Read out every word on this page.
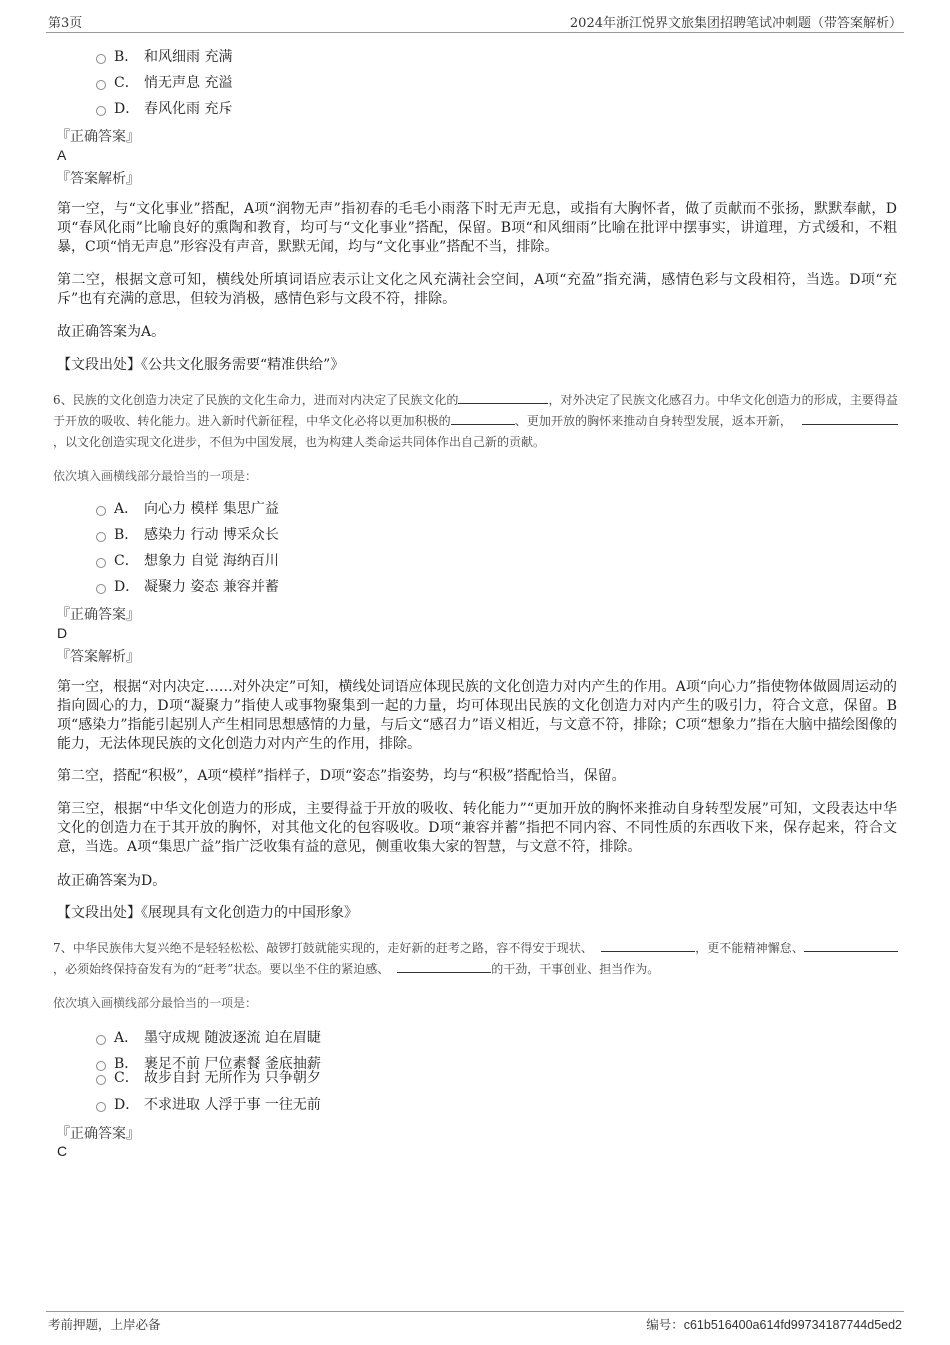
第3页	2024年浙江悦界文旅集团招聘笔试冲刺题（带答案解析）
B． 和风细雨 充满
C． 悄无声息 充溢
D． 春风化雨 充斥
『正确答案』
A
『答案解析』
第一空，与“文化事业”搭配，A项“润物无声”指初春的毛毛小雨落下时无声无息，或指有大胸怀者，做了贡献而不张扬，默默奉献，D项“春风化雨”比喻良好的熏陶和教育，均可与“文化事业”搭配，保留。B项“和风细雨”比喻在批评中摆事实，讲道理，方式缓和，不粗暴，C项“悄无声息”形容没有声音，默默无闻，均与“文化事业”搭配不当，排除。
第二空，根据文意可知，横线处所填词语应表示让文化之风充满社会空间，A项“充盈”指充满，感情色彩与文段相符，当选。D项“充斥”也有充满的意思，但较为消极，感情色彩与文段不符，排除。
故正确答案为A。
【文段出处】《公共文化服务需要“精准供给”》
6、民族的文化创造力决定了民族的文化生命力，进而对内决定了民族文化的	，对外决定了民族文化感召力。中华文化创造力的形成，主要得益于开放的吸收、转化能力。进入新时代新征程，中华文化必将以更加积极的	、更加开放的胸怀来推动自身转型发展，返本开新，，以文化创造实现文化进步，不但为中国发展，也为构建人类命运共同体作出自己新的贡献。
依次填入画横线部分最恰当的一项是：
A． 向心力 模样 集思广益
B． 感染力 行动 博采众长
C． 想象力 自觉 海纳百川
D． 凝聚力 姿态 兼容并蓄
『正确答案』
D
『答案解析』
第一空，根据“对内决定……对外决定”可知，横线处词语应体现民族的文化创造力对内产生的作用。A项“向心力”指使物体做圆周运动的指向圆心的力，D项“凝聚力”指使人或事物聚集到一起的力量，均可体现出民族的文化创造力对内产生的吸引力，符合文意，保留。B项“感染力”指能引起别人产生相同思想感情的力量，与后文“感召力”语义相近，与文意不符，排除；C项“想象力”指在大脑中描绘图像的能力，无法体现民族的文化创造力对内产生的作用，排除。
第二空，搭配“积极”，A项“模样”指样子，D项“姿态”指姿势，均与“积极”搭配恰当，保留。
第三空，根据“中华文化创造力的形成，主要得益于开放的吸收、转化能力”“更加开放的胸怀来推动自身转型发展”可知，文段表达中华文化的创造力在于其开放的胸怀，对其他文化的包容吸收。D项“兼容并蓄”指把不同内容、不同性质的东西收下来，保存起来，符合文意，当选。A项“集思广益”指广泛收集有益的意见，侧重收集大家的智慧，与文意不符，排除。
故正确答案为D。
【文段出处】《展现具有文化创造力的中国形象》
7、中华民族伟大复兴绝不是轻轻松松、敲锣打鼓就能实现的，走好新的赶考之路，容不得安于现状、	，更不能精神懈怠、，必须始终保持奋发有为的“赶考”状态。要以坐不住的紧迫感、	的干劲，干事创业、担当作为。
依次填入画横线部分最恰当的一项是：
A． 墨守成规 随波逐流 迫在眉睫
B． 裹足不前 尸位素餐 釜底抽薪
C． 故步自封 无所作为 只争朝夕
D． 不求进取 人浮于事 一往无前
『正确答案』
C
考前押题，上岸必备	编号：c61b516400a614fd99734187744d5ed2
